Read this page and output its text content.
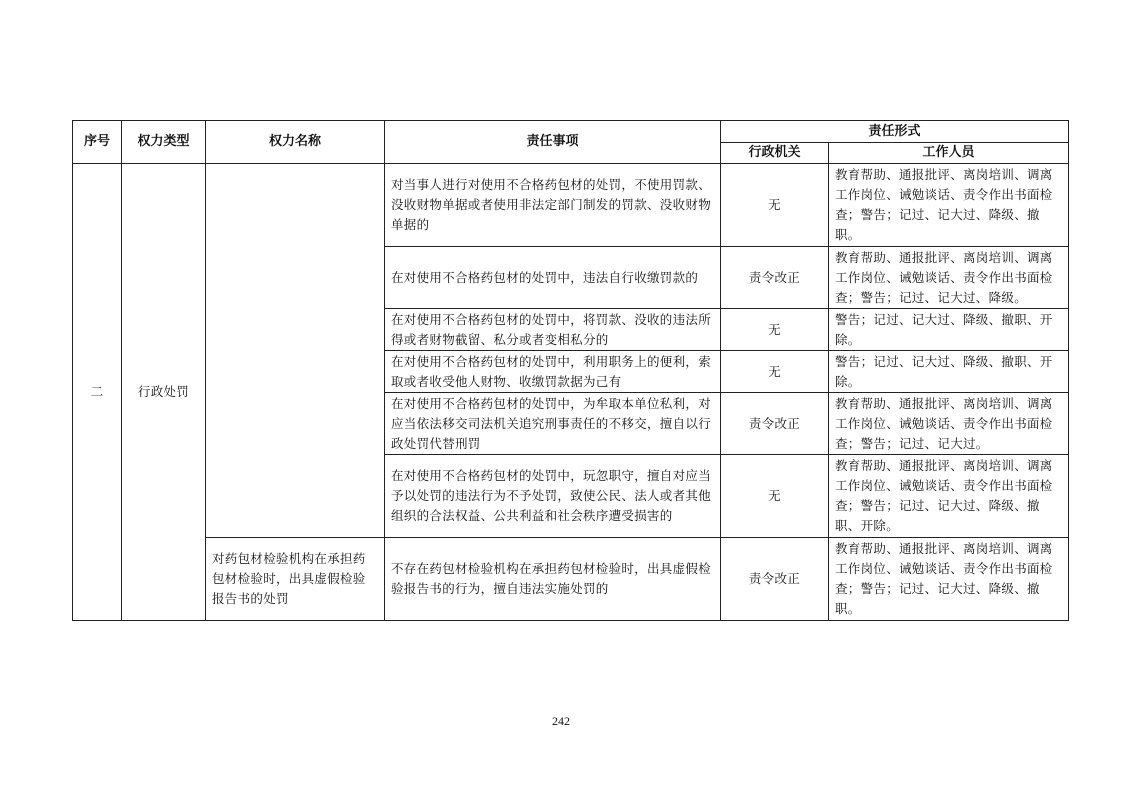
序号	权力类型	权力名称	责任事项	责任形式	
				行政机关	工作人员
二	行政处罚		对当事人进行对使用不合格药包材的处罚，不使用罚款、没收财物单据或者使用非法定部门制发的罚款、没收财物单据的	无	教育帮助、通报批评、离岗培训、调离工作岗位、诫勉谈话、责令作出书面检查；警告；记过、记大过、降级、撤职。
			在对使用不合格药包材的处罚中，违法自行收缴罚款的	责令改正	教育帮助、通报批评、离岗培训、调离工作岗位、诫勉谈话、责令作出书面检查；警告；记过、记大过、降级。
			在对使用不合格药包材的处罚中，将罚款、没收的违法所得或者财物截留、私分或者变相私分的	无	警告；记过、记大过、降级、撤职、开除。
			在对使用不合格药包材的处罚中，利用职务上的便利，索取或者收受他人财物、收缴罚款据为己有	无	警告；记过、记大过、降级、撤职、开除。
			在对使用不合格药包材的处罚中，为牟取本单位私利，对应当依法移交司法机关追究刑事责任的不移交，擅自以行政处罚代替刑罚	责令改正	教育帮助、通报批评、离岗培训、调离工作岗位、诫勉谈话、责令作出书面检查；警告；记过、记大过。
			在对使用不合格药包材的处罚中，玩忽职守，擅自对应当予以处罚的违法行为不予处罚，致使公民、法人或者其他组织的合法权益、公共利益和社会秩序遭受损害的	无	教育帮助、通报批评、离岗培训、调离工作岗位、诫勉谈话、责令作出书面检查；警告；记过、记大过、降级、撤职、开除。
		对药包材检验机构在承担药包材检验时，出具虚假检验报告书的处罚	不存在药包材检验机构在承担药包材检验时，出具虚假检验报告书的行为，擅自违法实施处罚的	责令改正	教育帮助、通报批评、离岗培训、调离工作岗位、诫勉谈话、责令作出书面检查；警告；记过、记大过、降级、撤职。
242
